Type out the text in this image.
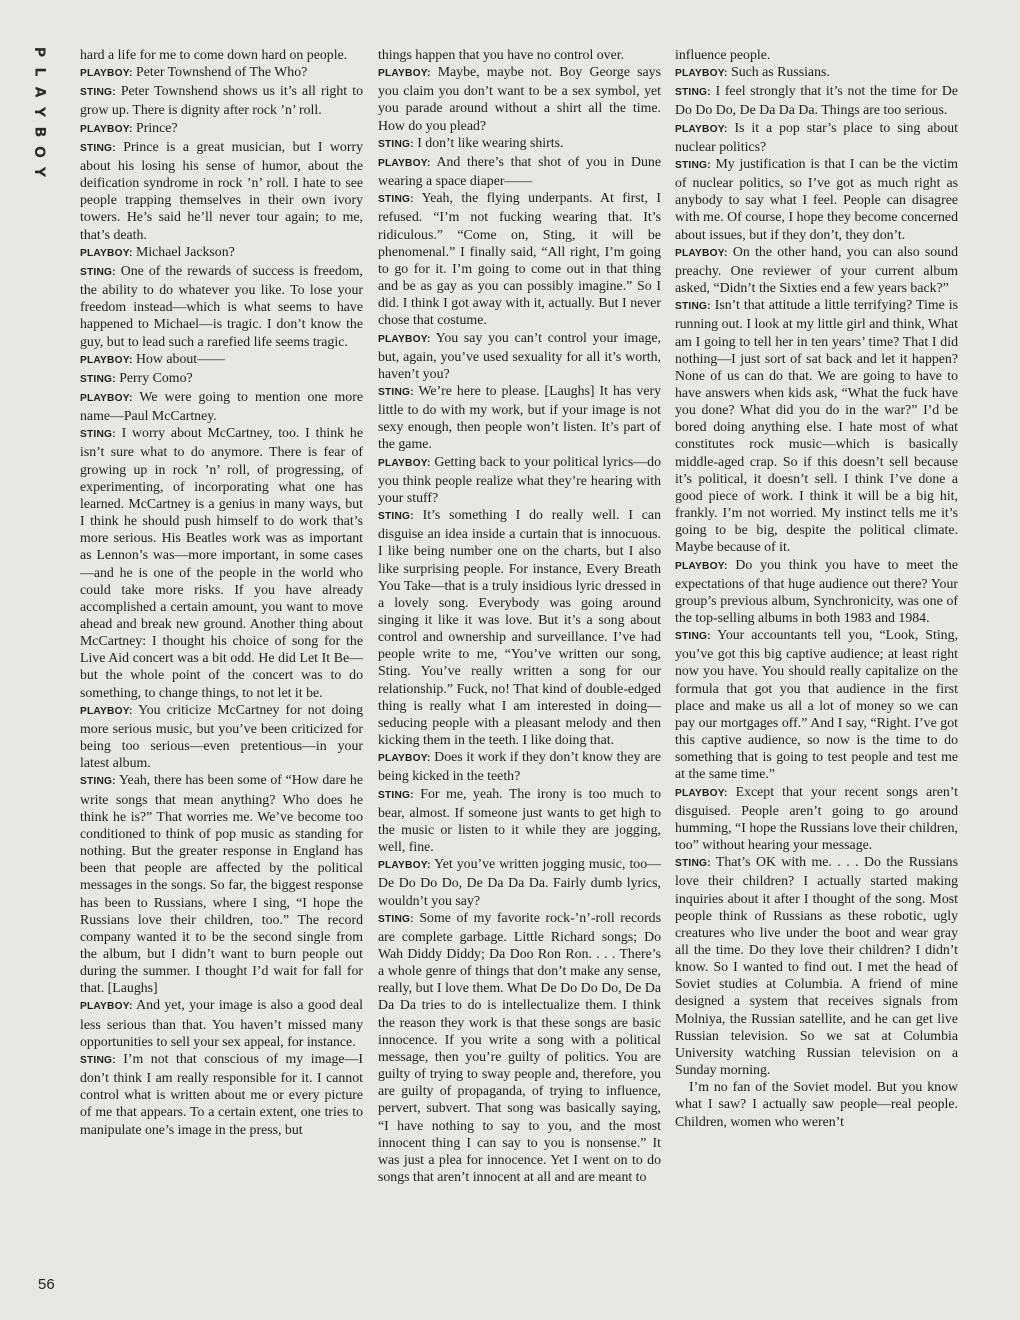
P
L
A
Y
B
O
Y
56

hard a life for me to come down hard on people.

PLAYBOY: Peter Townshend of The Who?

STING: Peter Townshend shows us it’s all right to grow up. There is dignity after rock ’n’ roll.

PLAYBOY: Prince?

STING: Prince is a great musician, but I worry about his losing his sense of humor, about the deification syndrome in rock ’n’ roll. I hate to see people trapping themselves in their own ivory towers. He’s said he’ll never tour again; to me, that’s death.

PLAYBOY: Michael Jackson?

STING: One of the rewards of success is freedom, the ability to do whatever you like. To lose your freedom instead—which is what seems to have happened to Michael—is tragic. I don’t know the guy, but to lead such a rarefied life seems tragic.

PLAYBOY: How about——

STING: Perry Como?

PLAYBOY: We were going to mention one more name—Paul McCartney.

STING: I worry about McCartney, too. I think he isn’t sure what to do anymore. There is fear of growing up in rock ’n’ roll, of progressing, of experimenting, of incorporating what one has learned. McCartney is a genius in many ways, but I think he should push himself to do work that’s more serious. His Beatles work was as important as Lennon’s was—more important, in some cases—and he is one of the people in the world who could take more risks. If you have already accomplished a certain amount, you want to move ahead and break new ground. Another thing about McCartney: I thought his choice of song for the Live Aid concert was a bit odd. He did Let It Be—but the whole point of the concert was to do something, to change things, to not let it be.

PLAYBOY: You criticize McCartney for not doing more serious music, but you’ve been criticized for being too serious—even pretentious—in your latest album.

STING: Yeah, there has been some of “How dare he write songs that mean anything? Who does he think he is?” That worries me. We’ve become too conditioned to think of pop music as standing for nothing. But the greater response in England has been that people are affected by the political messages in the songs. So far, the biggest response has been to Russians, where I sing, “I hope the Russians love their children, too.” The record company wanted it to be the second single from the album, but I didn’t want to burn people out during the summer. I thought I’d wait for fall for that. [Laughs]

PLAYBOY: And yet, your image is also a good deal less serious than that. You haven’t missed many opportunities to sell your sex appeal, for instance.

STING: I’m not that conscious of my image—I don’t think I am really responsible for it. I cannot control what is written about me or every picture of me that appears. To a certain extent, one tries to manipulate one’s image in the press, but

things happen that you have no control over.

PLAYBOY: Maybe, maybe not. Boy George says you claim you don’t want to be a sex symbol, yet you parade around without a shirt all the time. How do you plead?

STING: I don’t like wearing shirts.

PLAYBOY: And there’s that shot of you in Dune wearing a space diaper——

STING: Yeah, the flying underpants. At first, I refused. “I’m not fucking wearing that. It’s ridiculous.” “Come on, Sting, it will be phenomenal.” I finally said, “All right, I’m going to go for it. I’m going to come out in that thing and be as gay as you can possibly imagine.” So I did. I think I got away with it, actually. But I never chose that costume.

PLAYBOY: You say you can’t control your image, but, again, you’ve used sexuality for all it’s worth, haven’t you?

STING: We’re here to please. [Laughs] It has very little to do with my work, but if your image is not sexy enough, then people won’t listen. It’s part of the game.

PLAYBOY: Getting back to your political lyrics—do you think people realize what they’re hearing with your stuff?

STING: It’s something I do really well. I can disguise an idea inside a curtain that is innocuous. I like being number one on the charts, but I also like surprising people. For instance, Every Breath You Take—that is a truly insidious lyric dressed in a lovely song. Everybody was going around singing it like it was love. But it’s a song about control and ownership and surveillance. I’ve had people write to me, “You’ve written our song, Sting. You’ve really written a song for our relationship.” Fuck, no! That kind of double-edged thing is really what I am interested in doing—seducing people with a pleasant melody and then kicking them in the teeth. I like doing that.

PLAYBOY: Does it work if they don’t know they are being kicked in the teeth?

STING: For me, yeah. The irony is too much to bear, almost. If someone just wants to get high to the music or listen to it while they are jogging, well, fine.

PLAYBOY: Yet you’ve written jogging music, too—De Do Do Do, De Da Da Da. Fairly dumb lyrics, wouldn’t you say?

STING: Some of my favorite rock-’n’-roll records are complete garbage. Little Richard songs; Do Wah Diddy Diddy; Da Doo Ron Ron. . . . There’s a whole genre of things that don’t make any sense, really, but I love them. What De Do Do Do, De Da Da Da tries to do is intellectualize them. I think the reason they work is that these songs are basic innocence. If you write a song with a political message, then you’re guilty of politics. You are guilty of trying to sway people and, therefore, you are guilty of propaganda, of trying to influence, pervert, subvert. That song was basically saying, “I have nothing to say to you, and the most innocent thing I can say to you is nonsense.” It was just a plea for innocence. Yet I went on to do songs that aren’t innocent at all and are meant to

influence people.

PLAYBOY: Such as Russians.

STING: I feel strongly that it’s not the time for De Do Do Do, De Da Da Da. Things are too serious.

PLAYBOY: Is it a pop star’s place to sing about nuclear politics?

STING: My justification is that I can be the victim of nuclear politics, so I’ve got as much right as anybody to say what I feel. People can disagree with me. Of course, I hope they become concerned about issues, but if they don’t, they don’t.

PLAYBOY: On the other hand, you can also sound preachy. One reviewer of your current album asked, “Didn’t the Sixties end a few years back?”

STING: Isn’t that attitude a little terrifying? Time is running out. I look at my little girl and think, What am I going to tell her in ten years’ time? That I did nothing—I just sort of sat back and let it happen? None of us can do that. We are going to have to have answers when kids ask, “What the fuck have you done? What did you do in the war?” I’d be bored doing anything else. I hate most of what constitutes rock music—which is basically middle-aged crap. So if this doesn’t sell because it’s political, it doesn’t sell. I think I’ve done a good piece of work. I think it will be a big hit, frankly. I’m not worried. My instinct tells me it’s going to be big, despite the political climate. Maybe because of it.

PLAYBOY: Do you think you have to meet the expectations of that huge audience out there? Your group’s previous album, Synchronicity, was one of the top-selling albums in both 1983 and 1984.

STING: Your accountants tell you, “Look, Sting, you’ve got this big captive audience; at least right now you have. You should really capitalize on the formula that got you that audience in the first place and make us all a lot of money so we can pay our mortgages off.” And I say, “Right. I’ve got this captive audience, so now is the time to do something that is going to test people and test me at the same time.”

PLAYBOY: Except that your recent songs aren’t disguised. People aren’t going to go around humming, “I hope the Russians love their children, too” without hearing your message.

STING: That’s OK with me. . . . Do the Russians love their children? I actually started making inquiries about it after I thought of the song. Most people think of Russians as these robotic, ugly creatures who live under the boot and wear gray all the time. Do they love their children? I didn’t know. So I wanted to find out. I met the head of Soviet studies at Columbia. A friend of mine designed a system that receives signals from Molniya, the Russian satellite, and he can get live Russian television. So we sat at Columbia University watching Russian television on a Sunday morning.

I’m no fan of the Soviet model. But you know what I saw? I actually saw people—real people. Children, women who weren’t
